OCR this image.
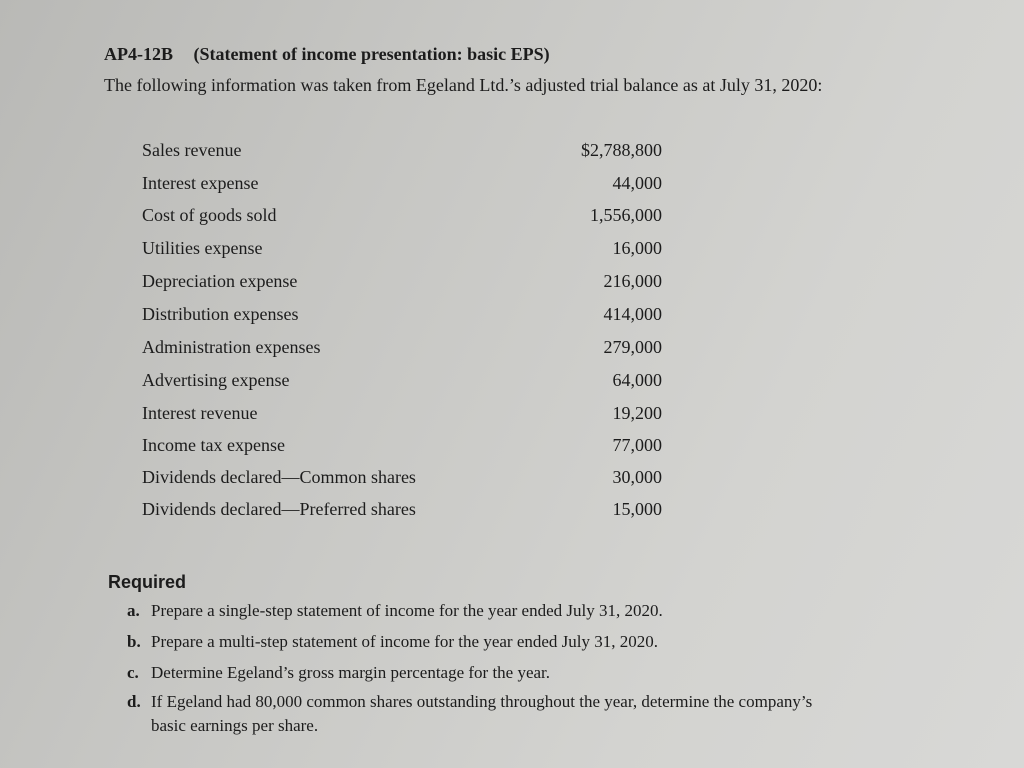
AP4-12B (Statement of income presentation: basic EPS)
The following information was taken from Egeland Ltd.’s adjusted trial balance as at July 31, 2020:
Sales revenue	$2,788,800
Interest expense	44,000
Cost of goods sold	1,556,000
Utilities expense	16,000
Depreciation expense	216,000
Distribution expenses	414,000
Administration expenses	279,000
Advertising expense	64,000
Interest revenue	19,200
Income tax expense	77,000
Dividends declared—Common shares	30,000
Dividends declared—Preferred shares	15,000
Required
a. Prepare a single-step statement of income for the year ended July 31, 2020.
b. Prepare a multi-step statement of income for the year ended July 31, 2020.
c. Determine Egeland’s gross margin percentage for the year.
d. If Egeland had 80,000 common shares outstanding throughout the year, determine the company’s
basic earnings per share.
